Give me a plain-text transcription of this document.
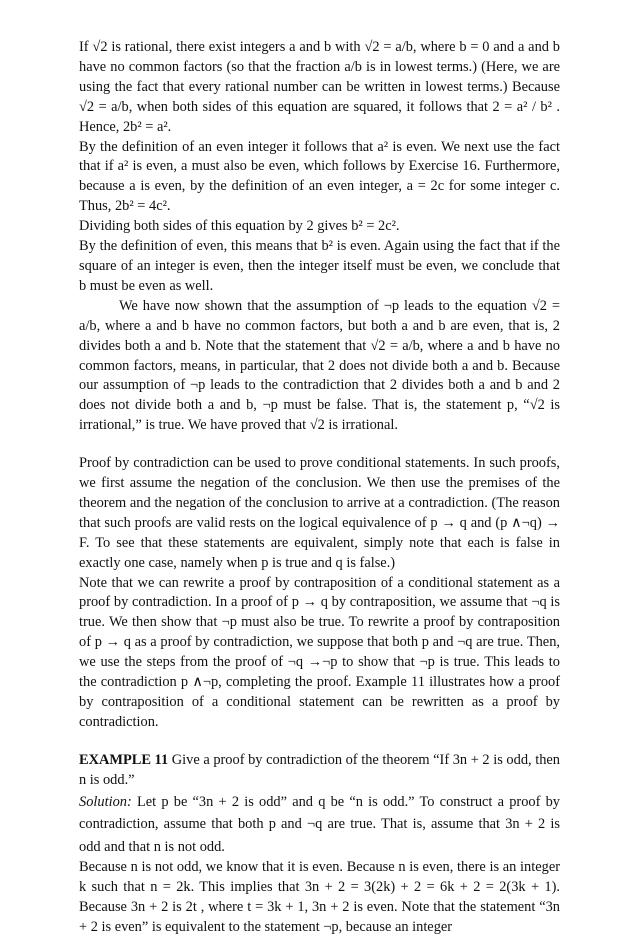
If √2 is rational, there exist integers a and b with √2 = a/b, where b = 0 and a and b have no common factors (so that the fraction a/b is in lowest terms.) (Here, we are using the fact that every rational number can be written in lowest terms.) Because √2 = a/b, when both sides of this equation are squared, it follows that 2 = a² / b² . Hence, 2b² = a².

By the definition of an even integer it follows that a² is even. We next use the fact that if a² is even, a must also be even, which follows by Exercise 16. Furthermore, because a is even, by the definition of an even integer, a = 2c for some integer c. Thus, 2b² = 4c².

Dividing both sides of this equation by 2 gives b² = 2c².

By the definition of even, this means that b² is even. Again using the fact that if the square of an integer is even, then the integer itself must be even, we conclude that b must be even as well.

We have now shown that the assumption of ¬p leads to the equation √2 = a/b, where a and b have no common factors, but both a and b are even, that is, 2 divides both a and b. Note that the statement that √2 = a/b, where a and b have no common factors, means, in particular, that 2 does not divide both a and b. Because our assumption of ¬p leads to the contradiction that 2 divides both a and b and 2 does not divide both a and b, ¬p must be false. That is, the statement p, “√2 is irrational,” is true. We have proved that √2 is irrational.

Proof by contradiction can be used to prove conditional statements. In such proofs, we first assume the negation of the conclusion. We then use the premises of the theorem and the negation of the conclusion to arrive at a contradiction. (The reason that such proofs are valid rests on the logical equivalence of p → q and (p ∧¬q) → F. To see that these statements are equivalent, simply note that each is false in exactly one case, namely when p is true and q is false.)

Note that we can rewrite a proof by contraposition of a conditional statement as a proof by contradiction. In a proof of p → q by contraposition, we assume that ¬q is true. We then show that ¬p must also be true. To rewrite a proof by contraposition of p → q as a proof by contradiction, we suppose that both p and ¬q are true. Then, we use the steps from the proof of ¬q →¬p to show that ¬p is true. This leads to the contradiction p ∧¬p, completing the proof. Example 11 illustrates how a proof by contraposition of a conditional statement can be rewritten as a proof by contradiction.

EXAMPLE 11 Give a proof by contradiction of the theorem “If 3n + 2 is odd, then n is odd.”

Solution: Let p be “3n + 2 is odd” and q be “n is odd.” To construct a proof by contradiction, assume that both p and ¬q are true. That is, assume that 3n + 2 is odd and that n is not odd.

Because n is not odd, we know that it is even. Because n is even, there is an integer k such that n = 2k. This implies that 3n + 2 = 3(2k) + 2 = 6k + 2 = 2(3k + 1). Because 3n + 2 is 2t , where t = 3k + 1, 3n + 2 is even. Note that the statement “3n + 2 is even” is equivalent to the statement ¬p, because an integer
